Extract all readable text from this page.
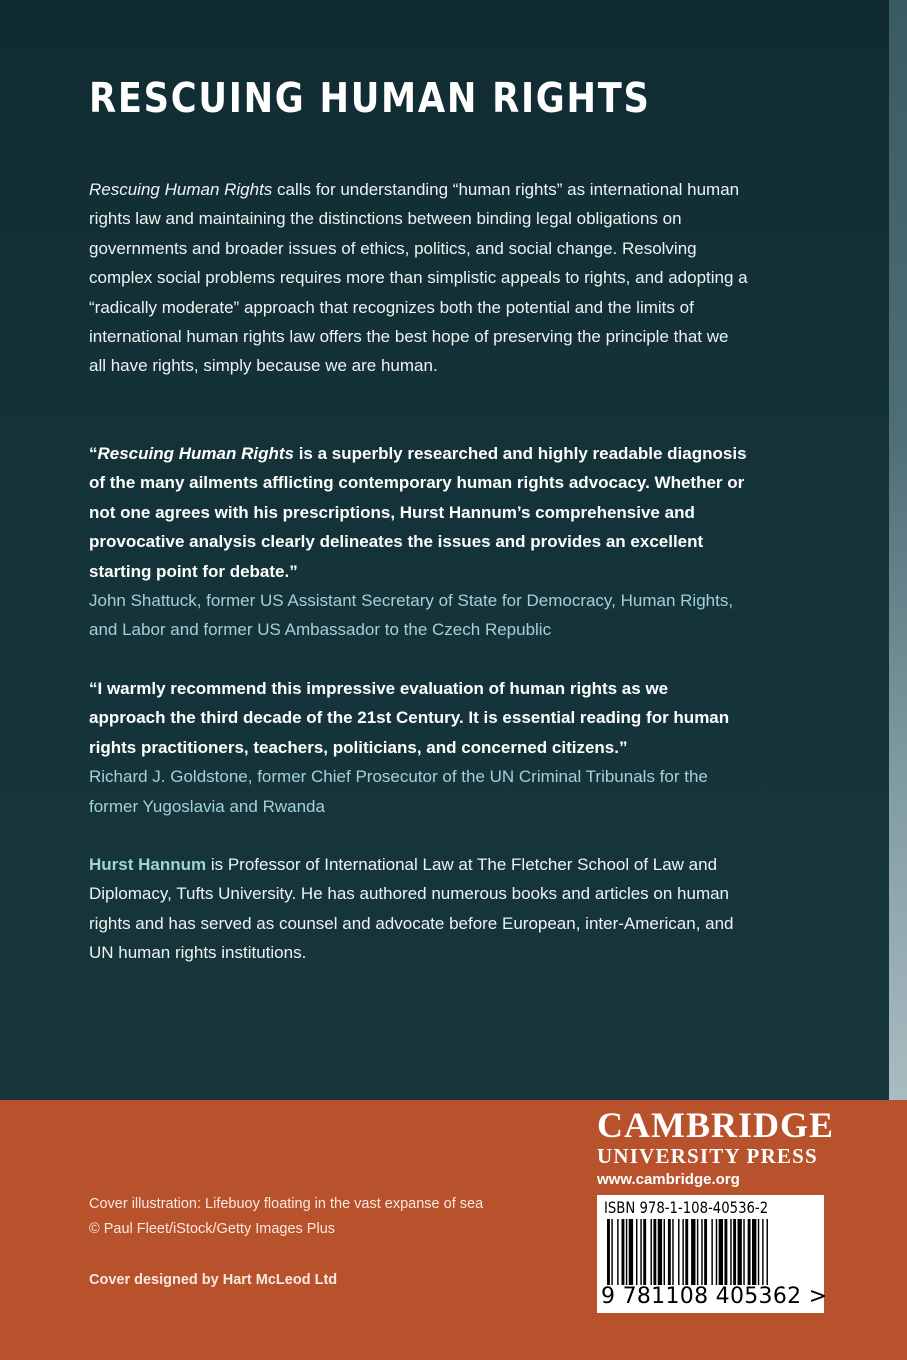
RESCUING HUMAN RIGHTS

Rescuing Human Rights calls for understanding “human rights” as international human rights law and maintaining the distinctions between binding legal obligations on governments and broader issues of ethics, politics, and social change. Resolving complex social problems requires more than simplistic appeals to rights, and adopting a “radically moderate” approach that recognizes both the potential and the limits of international human rights law offers the best hope of preserving the principle that we all have rights, simply because we are human.

“Rescuing Human Rights is a superbly researched and highly readable diagnosis of the many ailments afflicting contemporary human rights advocacy. Whether or not one agrees with his prescriptions, Hurst Hannum’s comprehensive and provocative analysis clearly delineates the issues and provides an excellent starting point for debate.”
John Shattuck, former US Assistant Secretary of State for Democracy, Human Rights, and Labor and former US Ambassador to the Czech Republic

“I warmly recommend this impressive evaluation of human rights as we approach the third decade of the 21st Century. It is essential reading for human rights practitioners, teachers, politicians, and concerned citizens.”
Richard J. Goldstone, former Chief Prosecutor of the UN Criminal Tribunals for the former Yugoslavia and Rwanda

Hurst Hannum is Professor of International Law at The Fletcher School of Law and Diplomacy, Tufts University. He has authored numerous books and articles on human rights and has served as counsel and advocate before European, inter-American, and UN human rights institutions.

Cover illustration: Lifebuoy floating in the vast expanse of sea © Paul Fleet/iStock/Getty Images Plus

Cover designed by Hart McLeod Ltd

CAMBRIDGE
UNIVERSITY PRESS
www.cambridge.org
ISBN 978-1-108-40536-2
9 781108 405362 >
